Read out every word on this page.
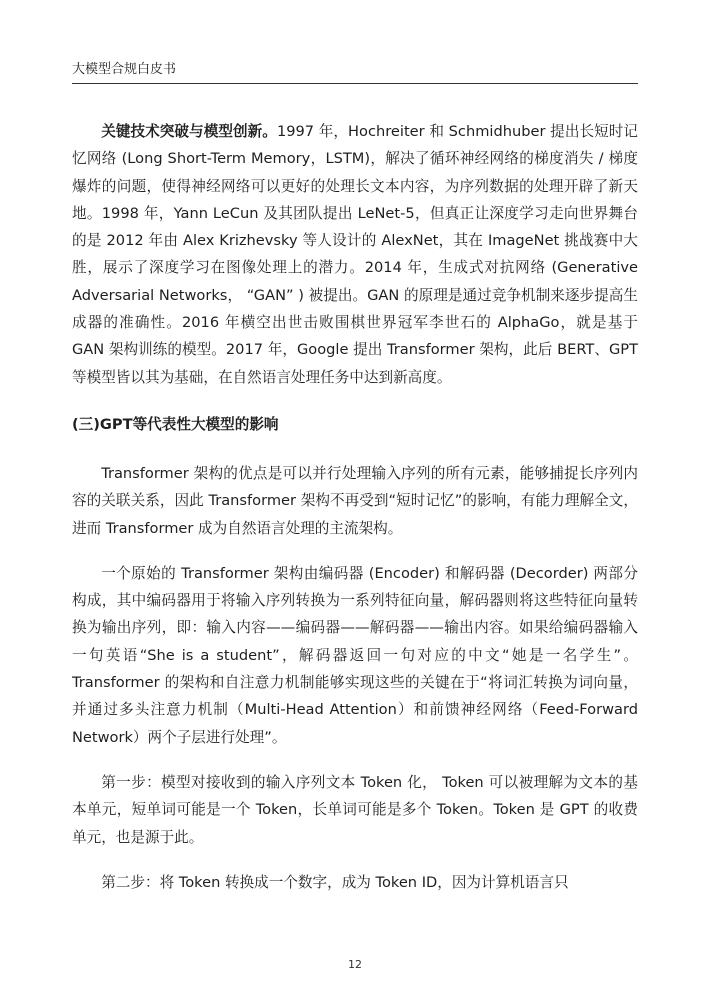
大模型合规白皮书

关键技术突破与模型创新。1997 年，Hochreiter 和 Schmidhuber 提出长短时记忆网络 (Long Short-Term Memory，LSTM)，解决了循环神经网络的梯度消失 / 梯度爆炸的问题，使得神经网络可以更好的处理长文本内容，为序列数据的处理开辟了新天地。1998 年，Yann LeCun 及其团队提出 LeNet-5，但真正让深度学习走向世界舞台的是 2012 年由 Alex Krizhevsky 等人设计的 AlexNet，其在 ImageNet 挑战赛中大胜，展示了深度学习在图像处理上的潜力。2014 年，生成式对抗网络 (Generative Adversarial Networks， “GAN” ) 被提出。GAN 的原理是通过竞争机制来逐步提高生成器的准确性。2016 年横空出世击败围棋世界冠军李世石的 AlphaGo，就是基于 GAN 架构训练的模型。2017 年，Google 提出 Transformer 架构，此后 BERT、GPT 等模型皆以其为基础，在自然语言处理任务中达到新高度。

(三)GPT等代表性大模型的影响

Transformer 架构的优点是可以并行处理输入序列的所有元素，能够捕捉长序列内容的关联关系，因此 Transformer 架构不再受到“短时记忆”的影响，有能力理解全文，进而 Transformer 成为自然语言处理的主流架构。

一个原始的 Transformer 架构由编码器 (Encoder) 和解码器 (Decorder) 两部分构成，其中编码器用于将输入序列转换为一系列特征向量，解码器则将这些特征向量转换为输出序列，即：输入内容——编码器——解码器——输出内容。如果给编码器输入一句英语“She is a student”，解码器返回一句对应的中文“她是一名学生”。Transformer 的架构和自注意力机制能够实现这些的关键在于“将词汇转换为词向量，并通过多头注意力机制（Multi-Head Attention）和前馈神经网络（Feed-Forward Network）两个子层进行处理”。

第一步：模型对接收到的输入序列文本 Token 化， Token 可以被理解为文本的基本单元，短单词可能是一个 Token，长单词可能是多个 Token。Token 是 GPT 的收费单元，也是源于此。

第二步：将 Token 转换成一个数字，成为 Token ID，因为计算机语言只

12
